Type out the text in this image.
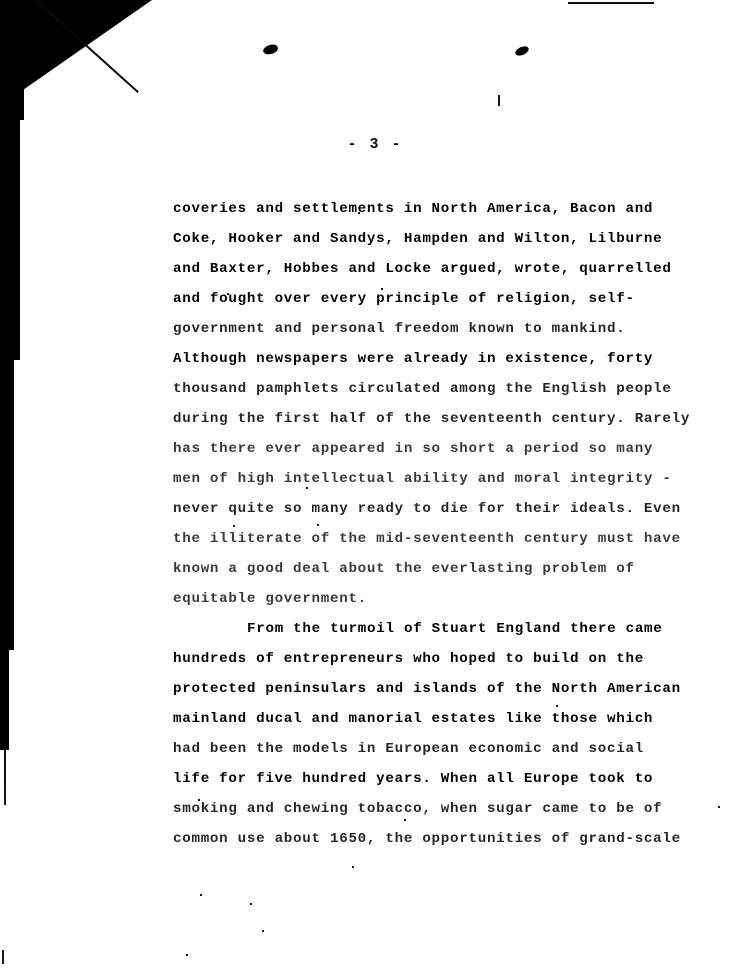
- 3 -
coveries and settlements in North America, Bacon and
Coke, Hooker and Sandys, Hampden and Wilton, Lilburne
and Baxter, Hobbes and Locke argued, wrote, quarrelled
and fought over every principle of religion, self-
government and personal freedom known to mankind.
Although newspapers were already in existence, forty
thousand pamphlets circulated among the English people
during the first half of the seventeenth century. Rarely
has there ever appeared in so short a period so many
men of high intellectual ability and moral integrity -
never quite so many ready to die for their ideals. Even
the illiterate of the mid-seventeenth century must have
known a good deal about the everlasting problem of
equitable government.
From the turmoil of Stuart England there came
hundreds of entrepreneurs who hoped to build on the
protected peninsulars and islands of the North American
mainland ducal and manorial estates like those which
had been the models in European economic and social
life for five hundred years. When all Europe took to
smoking and chewing tobacco, when sugar came to be of
common use about 1650, the opportunities of grand-scale
